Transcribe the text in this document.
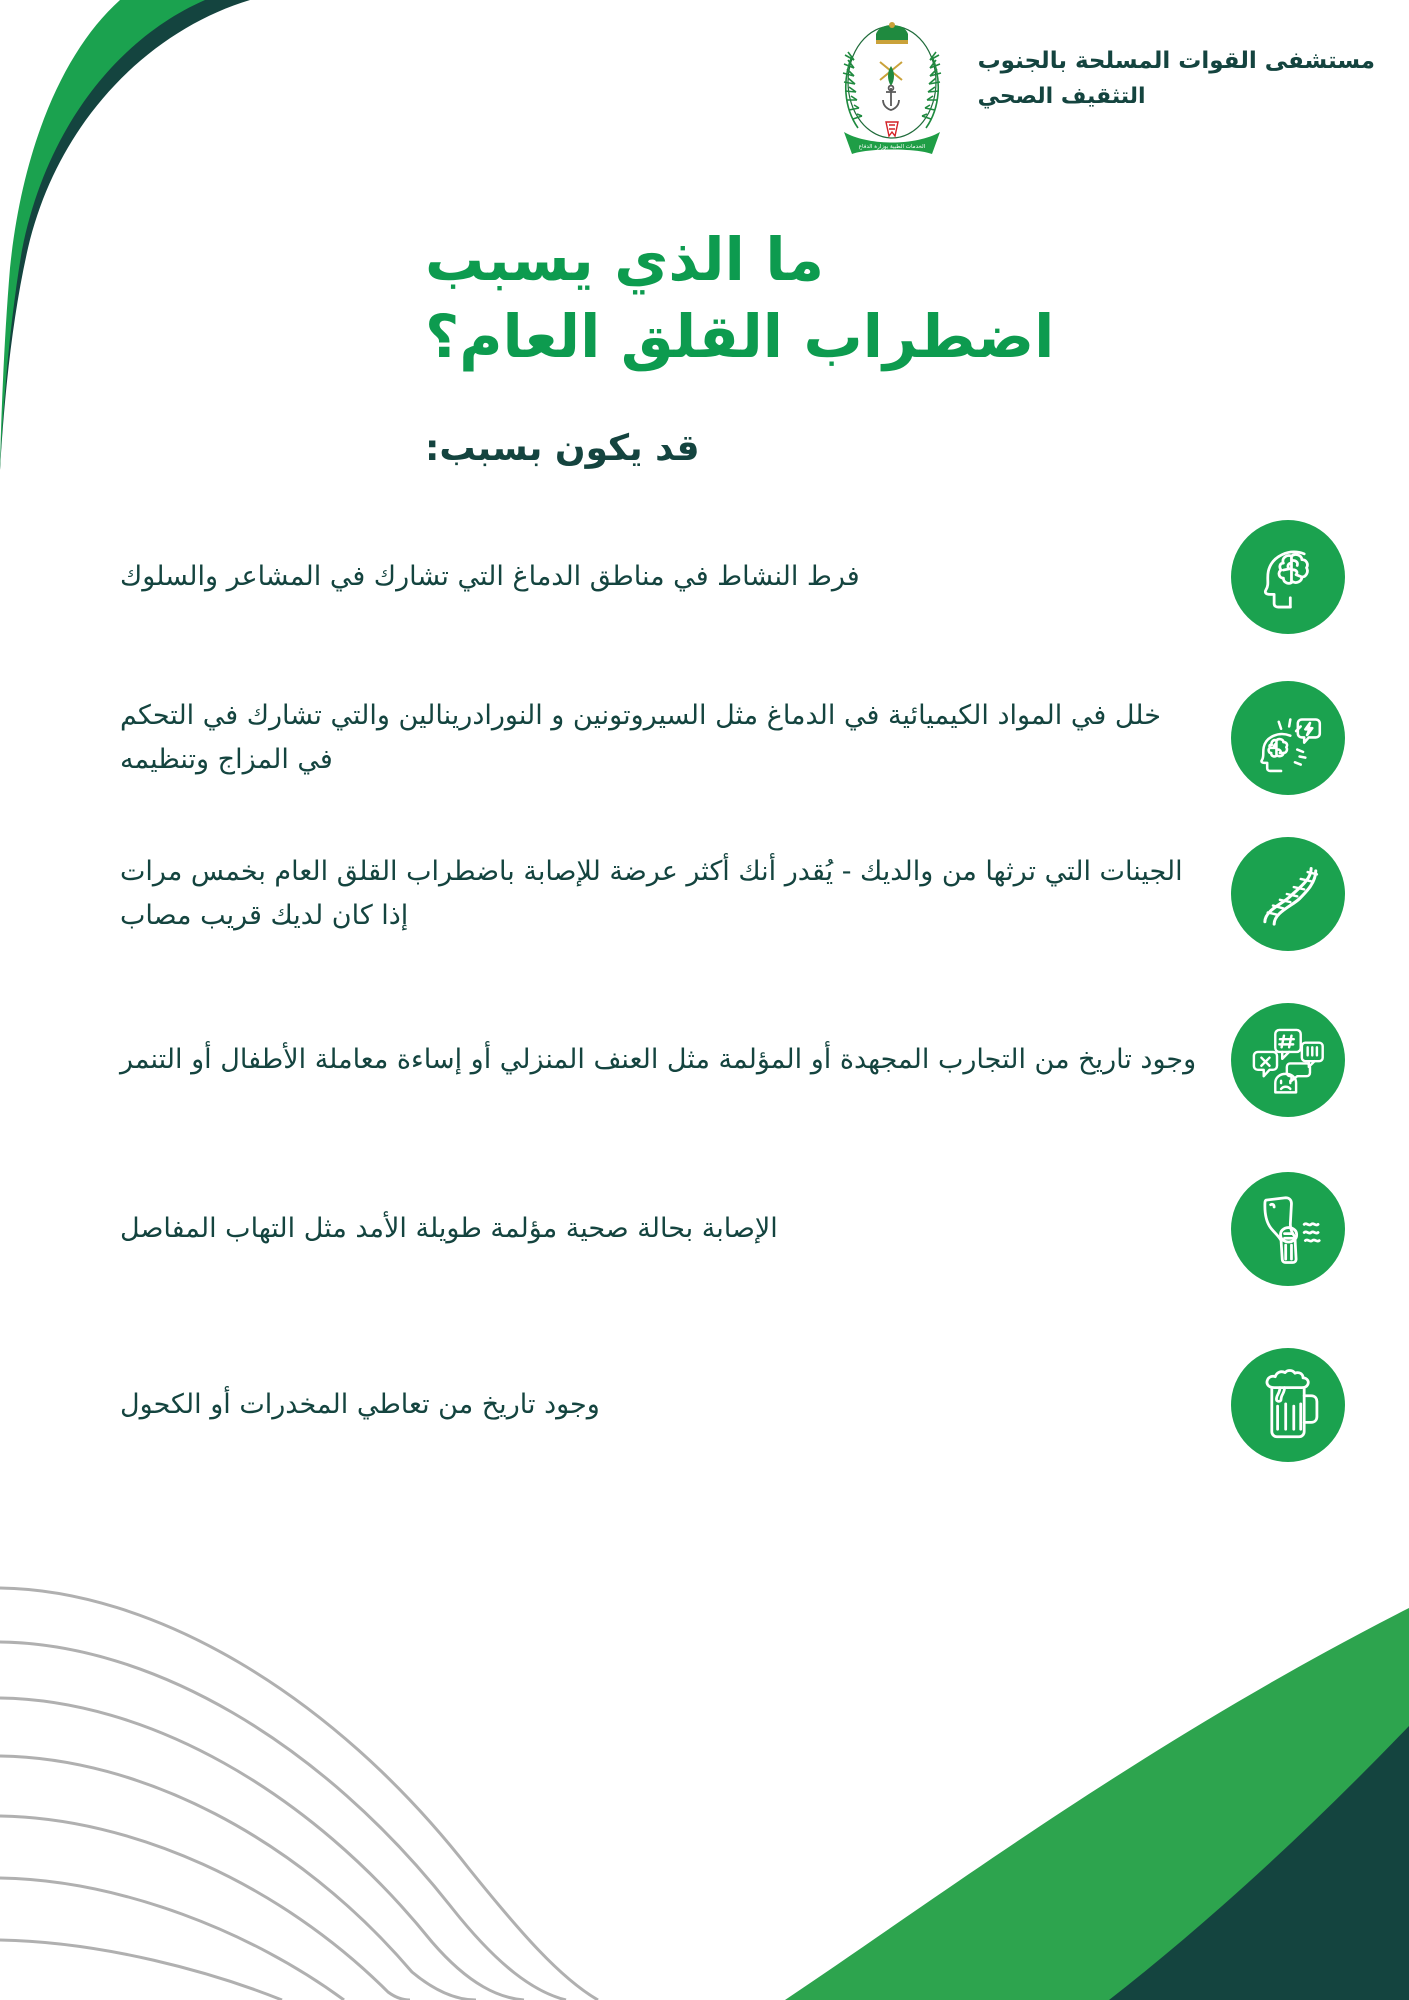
مستشفى القوات المسلحة بالجنوب
التثقيف الصحي
الخدمات الطبية بوزارة الدفاع
ما الذي يسبب
اضطراب القلق العام؟
قد يكون بسبب:
فرط النشاط في مناطق الدماغ التي تشارك في المشاعر والسلوك
خلل في المواد الكيميائية في الدماغ مثل السيروتونين و النورادرينالين والتي تشارك في التحكم في المزاج وتنظيمه
الجينات التي ترثها من والديك - يُقدر أنك أكثر عرضة للإصابة باضطراب القلق العام بخمس مرات إذا كان لديك قريب مصاب
وجود تاريخ من التجارب المجهدة أو المؤلمة مثل العنف المنزلي أو إساءة معاملة الأطفال أو التنمر
الإصابة بحالة صحية مؤلمة طويلة الأمد مثل التهاب المفاصل
وجود تاريخ من تعاطي المخدرات أو الكحول
